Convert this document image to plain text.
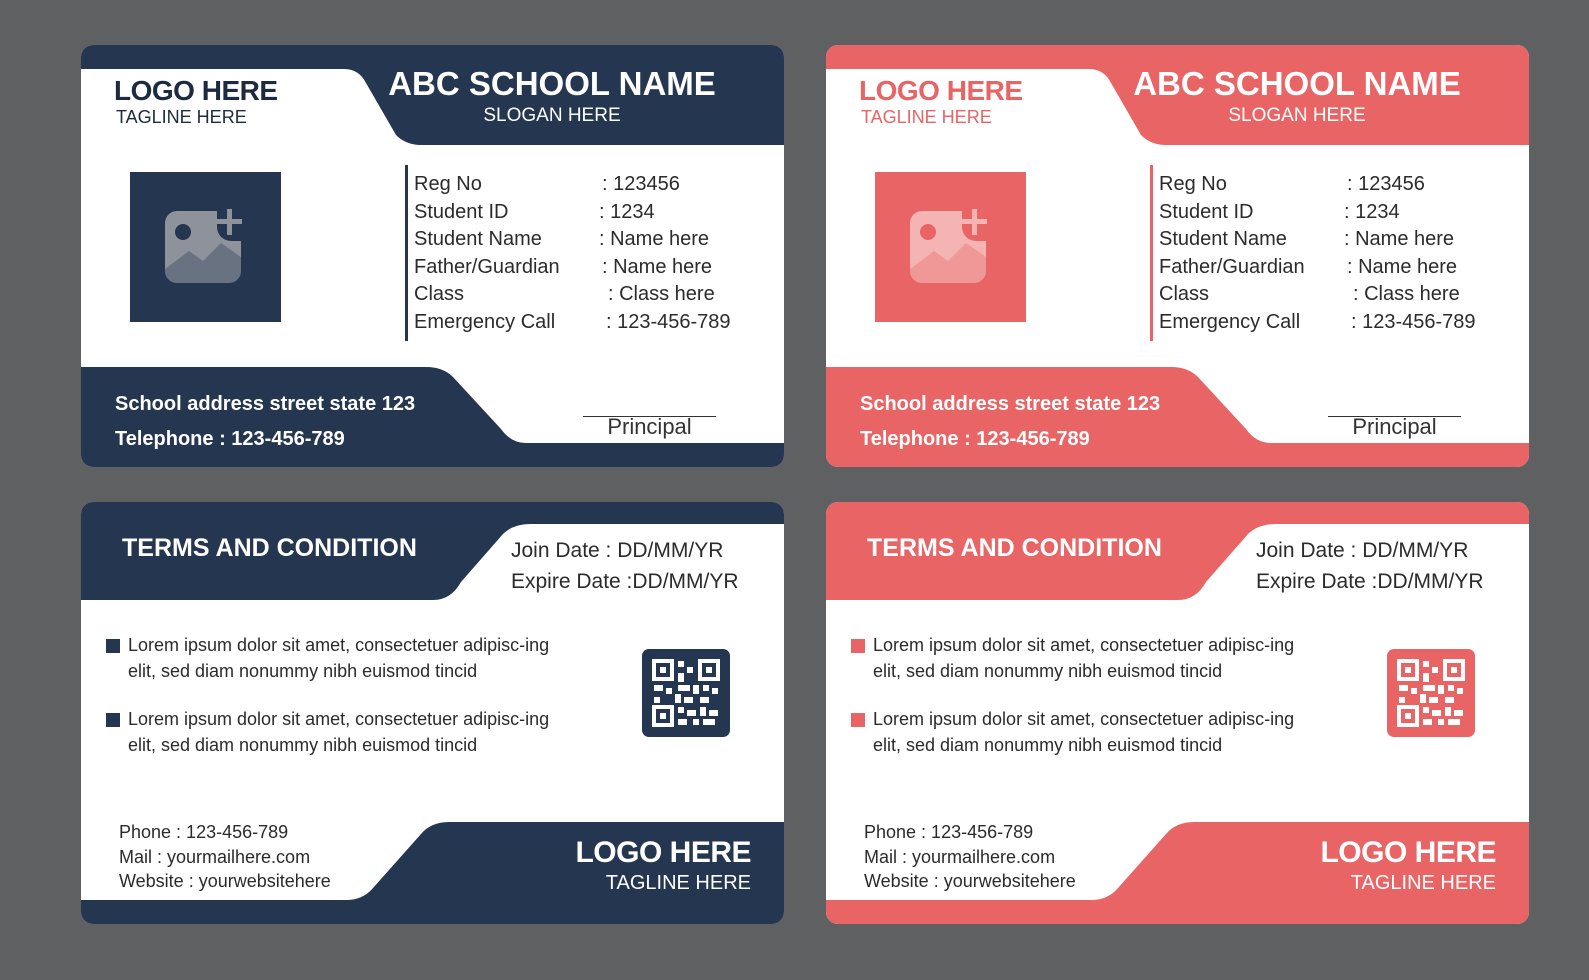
LOGO HERE
TAGLINE HERE
ABC SCHOOL NAME
SLOGAN HERE
Reg No	: 123456
Student ID	: 1234
Student Name	: Name here
Father/Guardian : Name here
Class	: Class here
Emergency Call	: 123-456-789
School address street state 123
Telephone : 123-456-789	Principal
LOGO HERE
TAGLINE HERE
ABC SCHOOL NAME
SLOGAN HERE
Reg No	: 123456
Student ID	: 1234
Student Name	: Name here
Father/Guardian : Name here
Class	: Class here
Emergency Call	: 123-456-789
School address street state 123
Telephone : 123-456-789	Principal
TERMS AND CONDITION	Join Date : DD/MM/YR
Expire Date :DD/MM/YR
Lorem ipsum dolor sit amet, consectetuer adipisc-ing elit, sed diam nonummy nibh euismod tincid
Lorem ipsum dolor sit amet, consectetuer adipisc-ing elit, sed diam nonummy nibh euismod tincid
Phone : 123-456-789
Mail : yourmailhere.com
Website : yourwebsitehere
LOGO HERE
TAGLINE HERE
TERMS AND CONDITION	Join Date : DD/MM/YR
Expire Date :DD/MM/YR
Lorem ipsum dolor sit amet, consectetuer adipisc-ing elit, sed diam nonummy nibh euismod tincid
Lorem ipsum dolor sit amet, consectetuer adipisc-ing elit, sed diam nonummy nibh euismod tincid
Phone : 123-456-789
Mail : yourmailhere.com
Website : yourwebsitehere
LOGO HERE
TAGLINE HERE
